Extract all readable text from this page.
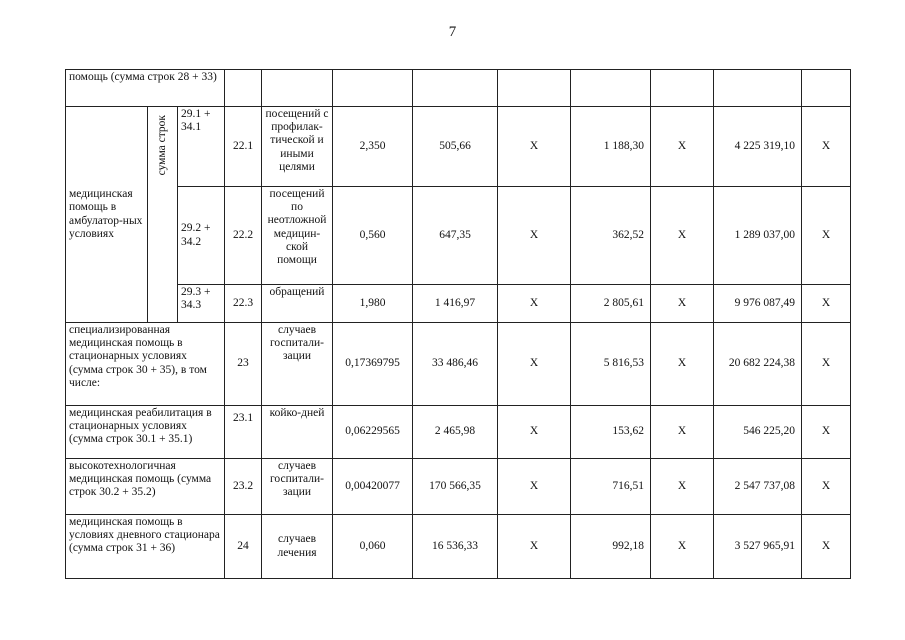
7
помощь (сумма строк 28 + 33)											
медицинская помощь в амбулатор-ных условиях	сумма строк	29.1 + 34.1	22.1	посещений с профилак-тической и иными целями	2,350	505,66	Х	1 188,30	Х	4 225 319,10	Х
		29.2 + 34.2	22.2	посещений по неотложной медицин-ской помощи	0,560	647,35	Х	362,52	Х	1 289 037,00	Х
		29.3 + 34.3	22.3	обращений	1,980	1 416,97	Х	2 805,61	Х	9 976 087,49	Х
специализированная медицинская помощь в стационарных условиях (сумма строк 30 + 35), в том числе:			23	случаев госпитали-зации	0,17369795	33 486,46	Х	5 816,53	Х	20 682 224,38	Х
медицинская реабилитация в стационарных условиях (сумма строк 30.1 + 35.1)			23.1	койко-дней	0,06229565	2 465,98	Х	153,62	Х	546 225,20	Х
высокотехнологичная медицинская помощь (сумма строк 30.2 + 35.2)			23.2	случаев госпитали-зации	0,00420077	170 566,35	Х	716,51	Х	2 547 737,08	Х
медицинская помощь в условиях дневного стационара (сумма строк 31 + 36)			24	случаев лечения	0,060	16 536,33	Х	992,18	Х	3 527 965,91	Х
